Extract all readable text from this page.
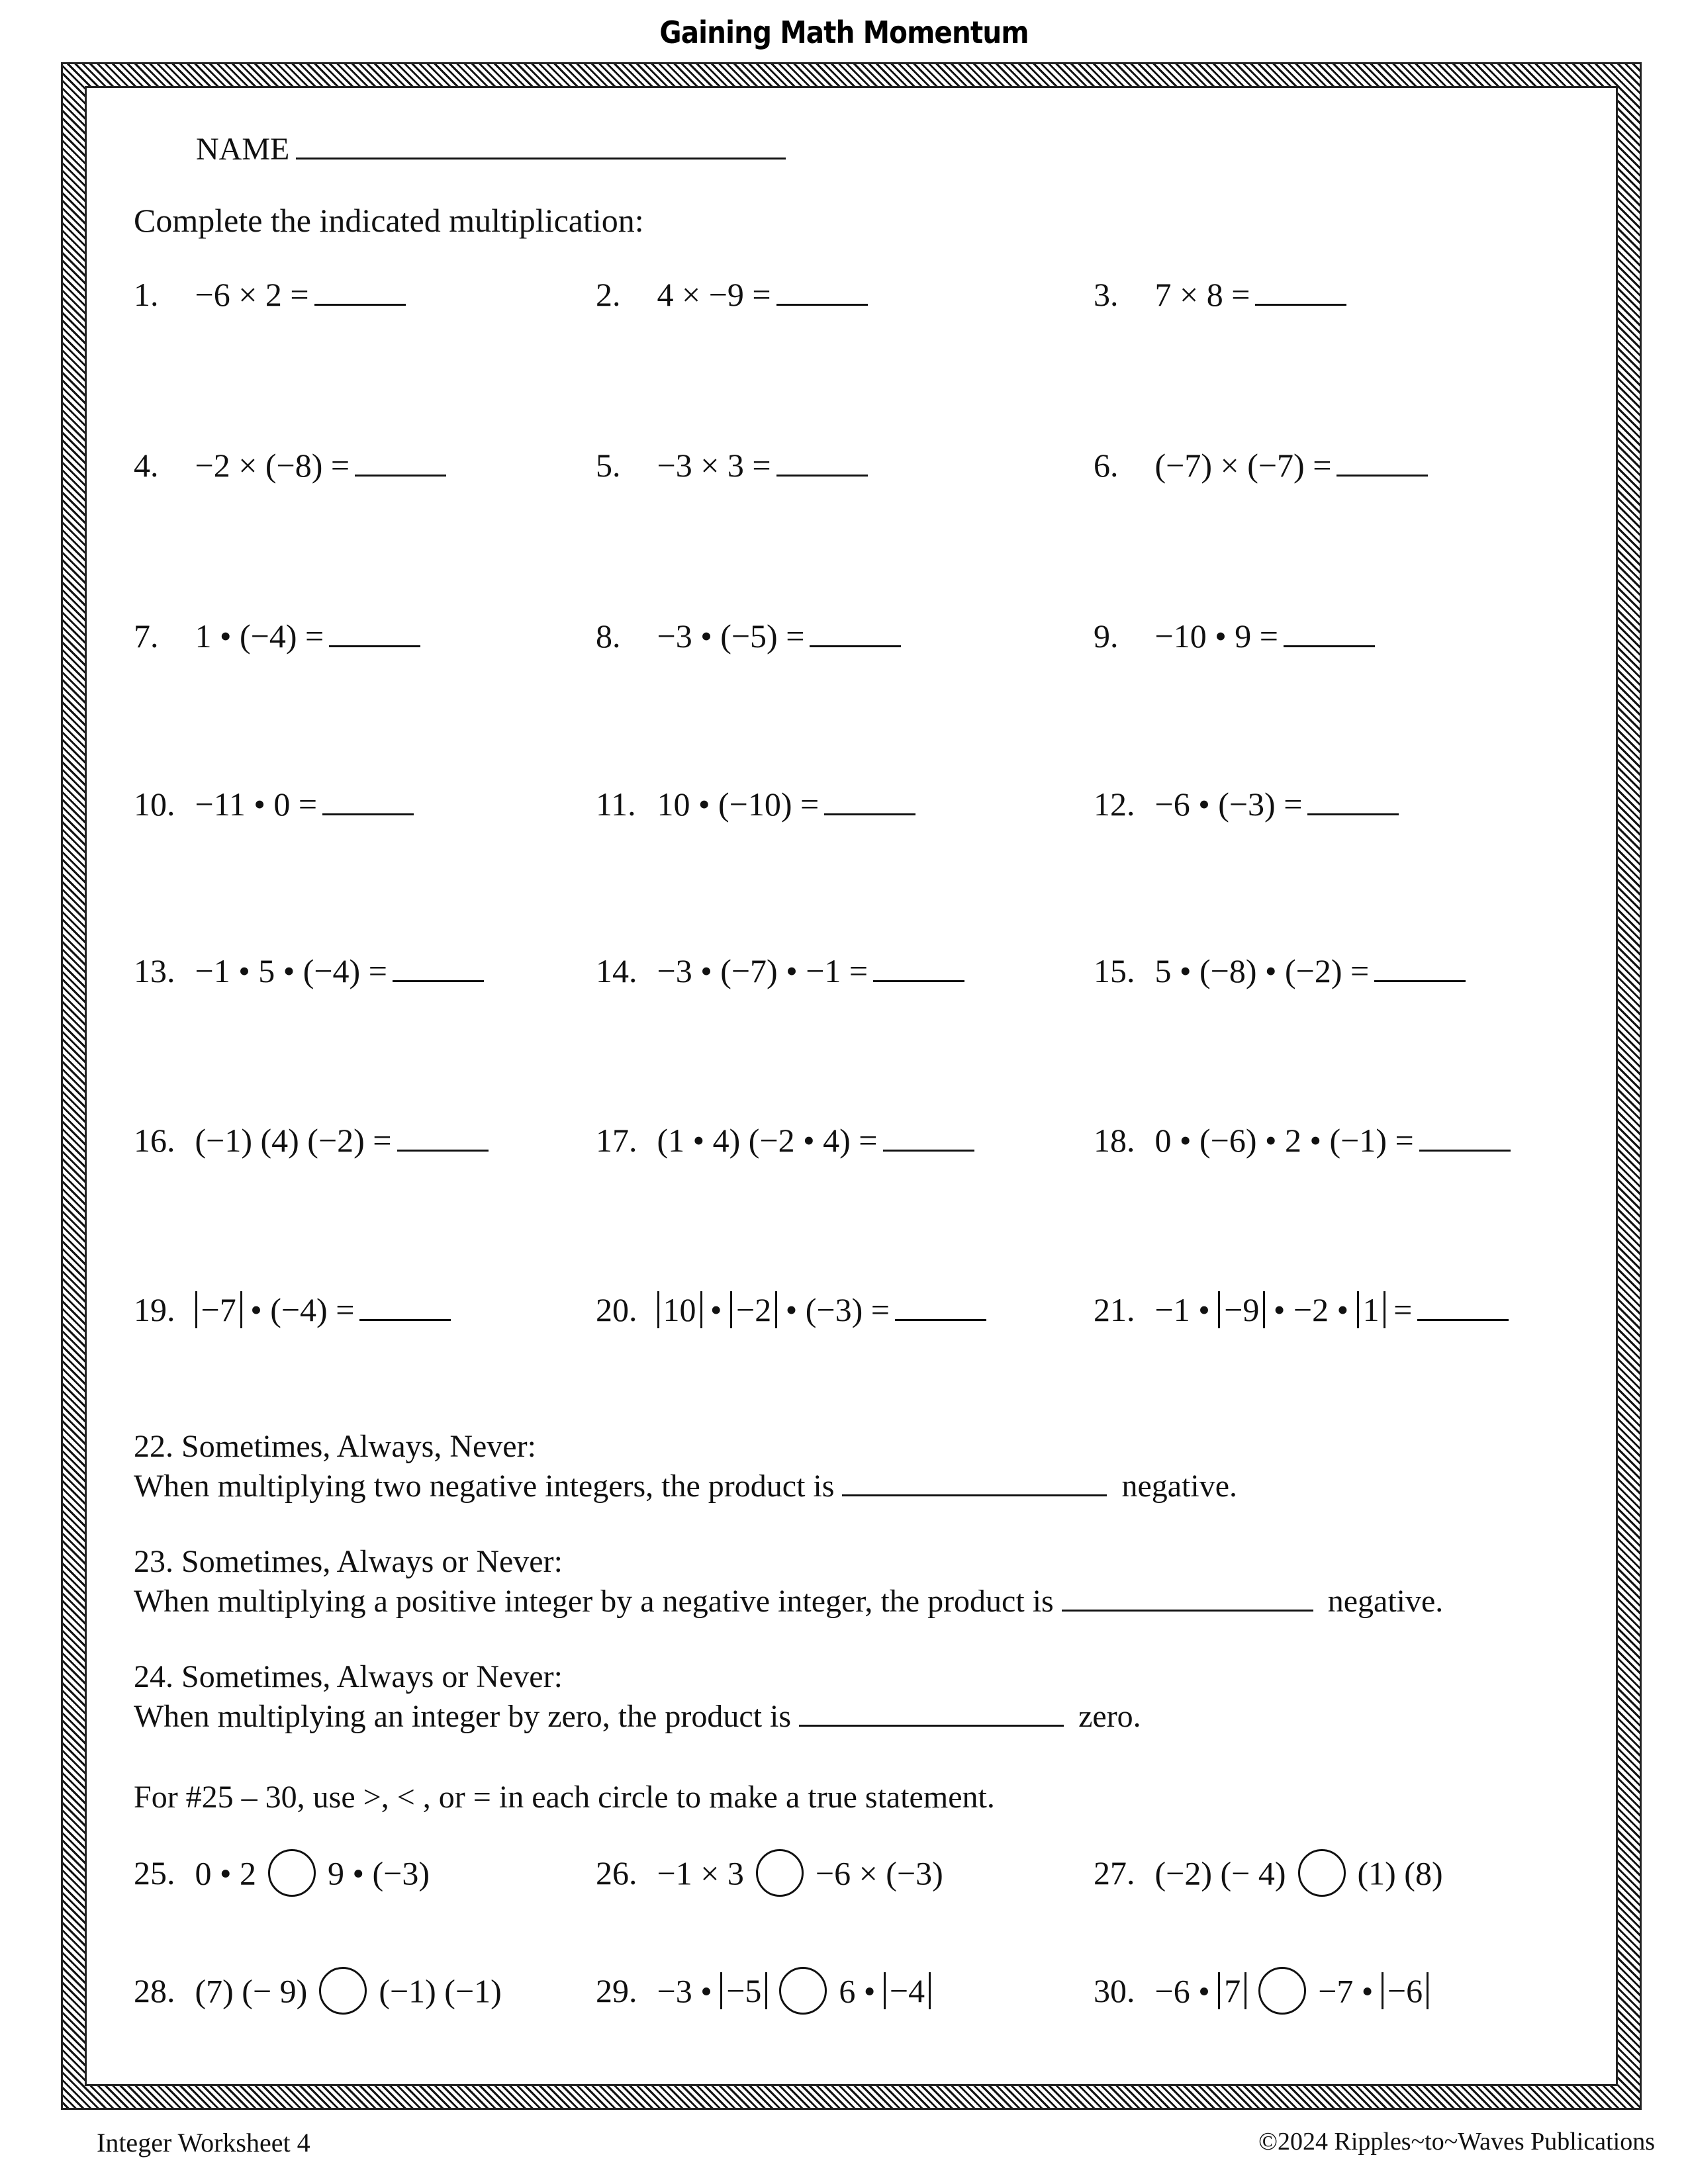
Gaining Math Momentum
NAME
Complete the indicated multiplication:
1. −6 × 2 =	2. 4 × −9 =	3. 7 × 8 =
4. −2 × (−8) =	5. −3 × 3 =	6. (−7) × (−7) =
7. 1 • (−4) =	8. −3 • (−5) =	9. −10 • 9 =
10. −11 • 0 =	11. 10 • (−10) =	12. −6 • (−3) =
13. −1 • 5 • (−4) =	14. −3 • (−7) • −1 =	15. 5 • (−8) • (−2) =
16. (−1) (4) (−2) =	17. (1 • 4) (−2 • 4) =	18. 0 • (−6) • 2 • (−1) =
19. −7 • (−4) =	20. 10 • −2 • (−3) =	21. −1 • −9 • −2 • 1 =
22. Sometimes, Always, Never:
When multiplying two negative integers, the product is	negative.
23. Sometimes, Always or Never:
When multiplying a positive integer by a negative integer, the product is	negative.
24. Sometimes, Always or Never:
When multiplying an integer by zero, the product is	zero.
For #25 – 30, use >, < , or = in each circle to make a true statement.
25. 0 • 2 9 • (−3)	26. −1 × 3 −6 × (−3)	27. (−2) (− 4) (1) (8)
28. (7) (− 9) (−1) (−1)	29. −3 • −5 6 • −4	30. −6 • 7 −7 • −6
Integer Worksheet 4	©2024 Ripples~to~Waves Publications
